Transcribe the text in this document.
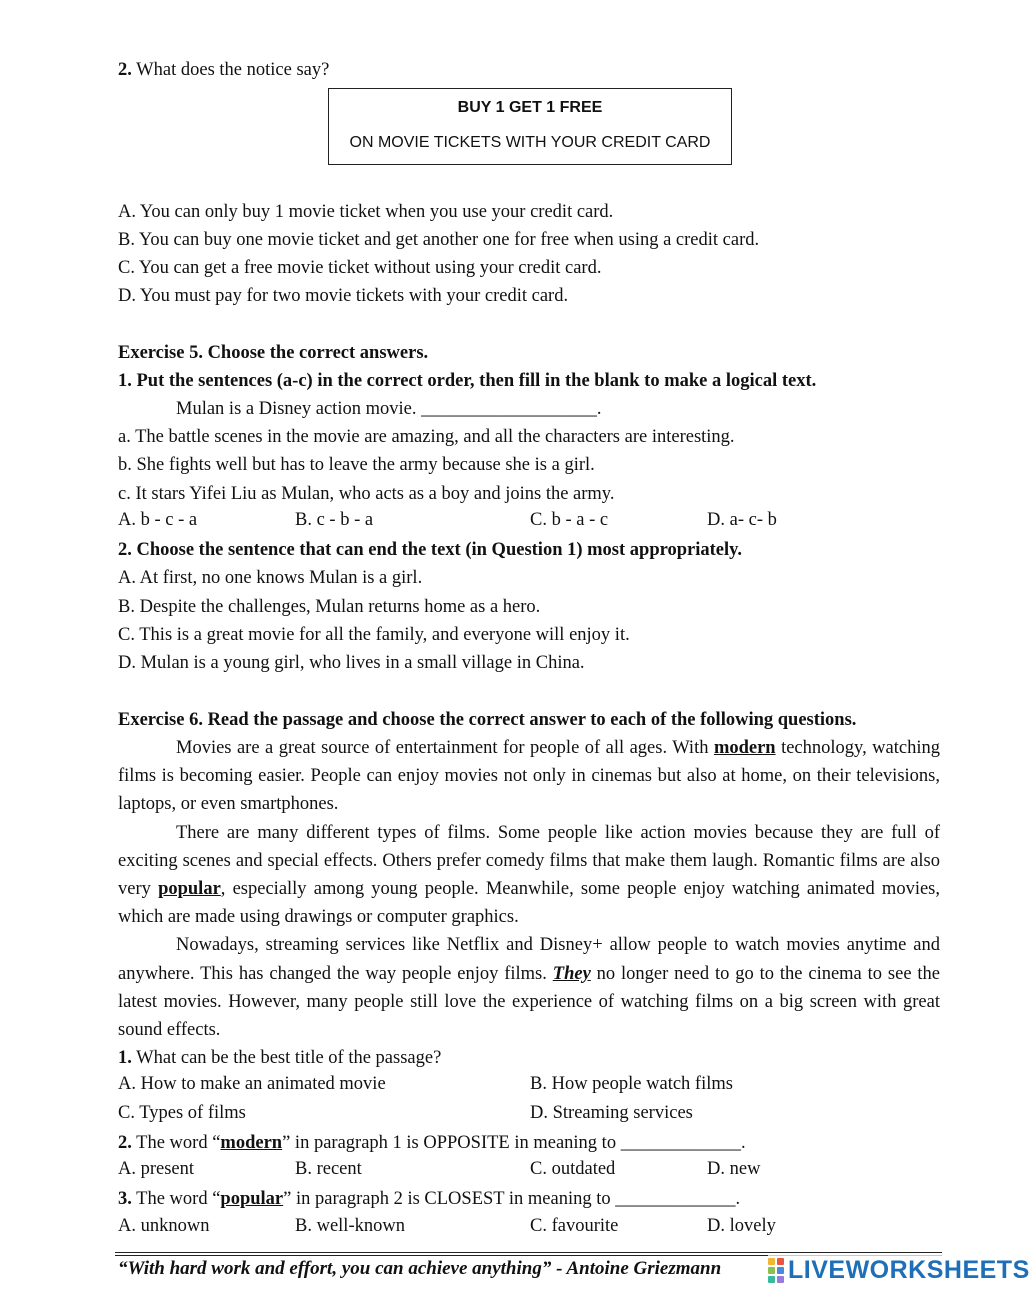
2. What does the notice say?
BUY 1 GET 1 FREE
ON MOVIE TICKETS WITH YOUR CREDIT CARD
A. You can only buy 1 movie ticket when you use your credit card.
B. You can buy one movie ticket and get another one for free when using a credit card.
C. You can get a free movie ticket without using your credit card.
D. You must pay for two movie tickets with your credit card.
Exercise 5. Choose the correct answers.
1. Put the sentences (a-c) in the correct order, then fill in the blank to make a logical text.
Mulan is a Disney action movie. ___________________.
a. The battle scenes in the movie are amazing, and all the characters are interesting.
b. She fights well but has to leave the army because she is a girl.
c. It stars Yifei Liu as Mulan, who acts as a boy and joins the army.
A. b - c - a	B. c - b - a	C. b - a - c	D. a- c- b
2. Choose the sentence that can end the text (in Question 1) most appropriately.
A. At first, no one knows Mulan is a girl.
B. Despite the challenges, Mulan returns home as a hero.
C. This is a great movie for all the family, and everyone will enjoy it.
D. Mulan is a young girl, who lives in a small village in China.
Exercise 6. Read the passage and choose the correct answer to each of the following questions.

Movies are a great source of entertainment for people of all ages. With modern technology, watching films is becoming easier. People can enjoy movies not only in cinemas but also at home, on their televisions, laptops, or even smartphones.

There are many different types of films. Some people like action movies because they are full of exciting scenes and special effects. Others prefer comedy films that make them laugh. Romantic films are also very popular, especially among young people. Meanwhile, some people enjoy watching animated movies, which are made using drawings or computer graphics.

Nowadays, streaming services like Netflix and Disney+ allow people to watch movies anytime and anywhere. This has changed the way people enjoy films. They no longer need to go to the cinema to see the latest movies. However, many people still love the experience of watching films on a big screen with great sound effects.

1. What can be the best title of the passage?
A. How to make an animated movie	B. How people watch films
C. Types of films	D. Streaming services
2. The word “modern” in paragraph 1 is OPPOSITE in meaning to _____________.
A. present	B. recent	C. outdated	D. new
3. The word “popular” in paragraph 2 is CLOSEST in meaning to _____________.
A. unknown	B. well-known	C. favourite	D. lovely
“With hard work and effort, you can achieve anything” - Antoine Griezmann	LIVEWORKSHEETS
